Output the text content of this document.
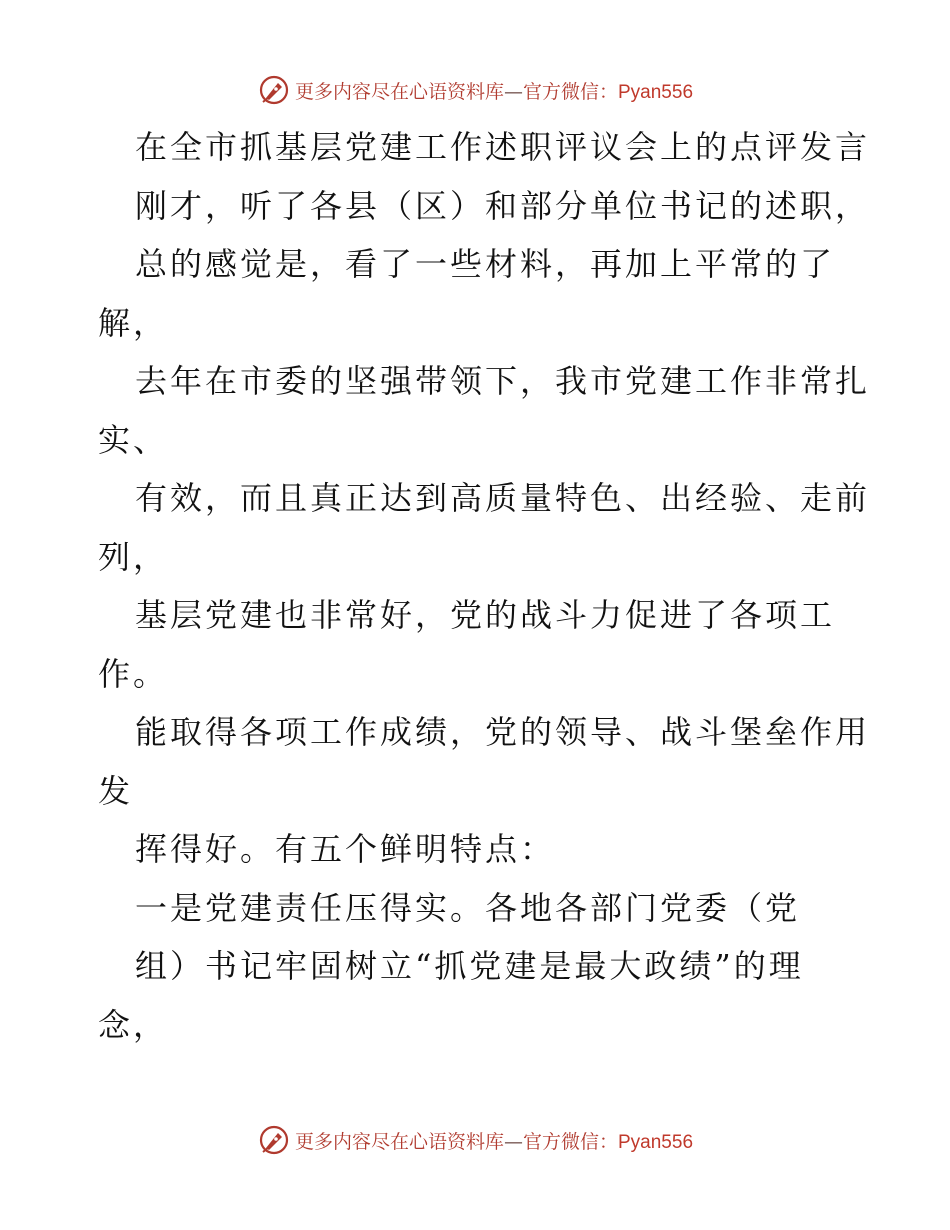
更多内容尽在心语资料库—官方微信：Pyan556
在全市抓基层党建工作述职评议会上的点评发言
刚才，听了各县（区）和部分单位书记的述职，
总的感觉是，看了一些材料，再加上平常的了
解，
去年在市委的坚强带领下，我市党建工作非常扎
实、
有效，而且真正达到高质量特色、出经验、走前
列，
基层党建也非常好，党的战斗力促进了各项工
作。
能取得各项工作成绩，党的领导、战斗堡垒作用
发
挥得好。有五个鲜明特点：
一是党建责任压得实。各地各部门党委（党
组）书记牢固树立“抓党建是最大政绩”的理
念，
更多内容尽在心语资料库—官方微信：Pyan556
